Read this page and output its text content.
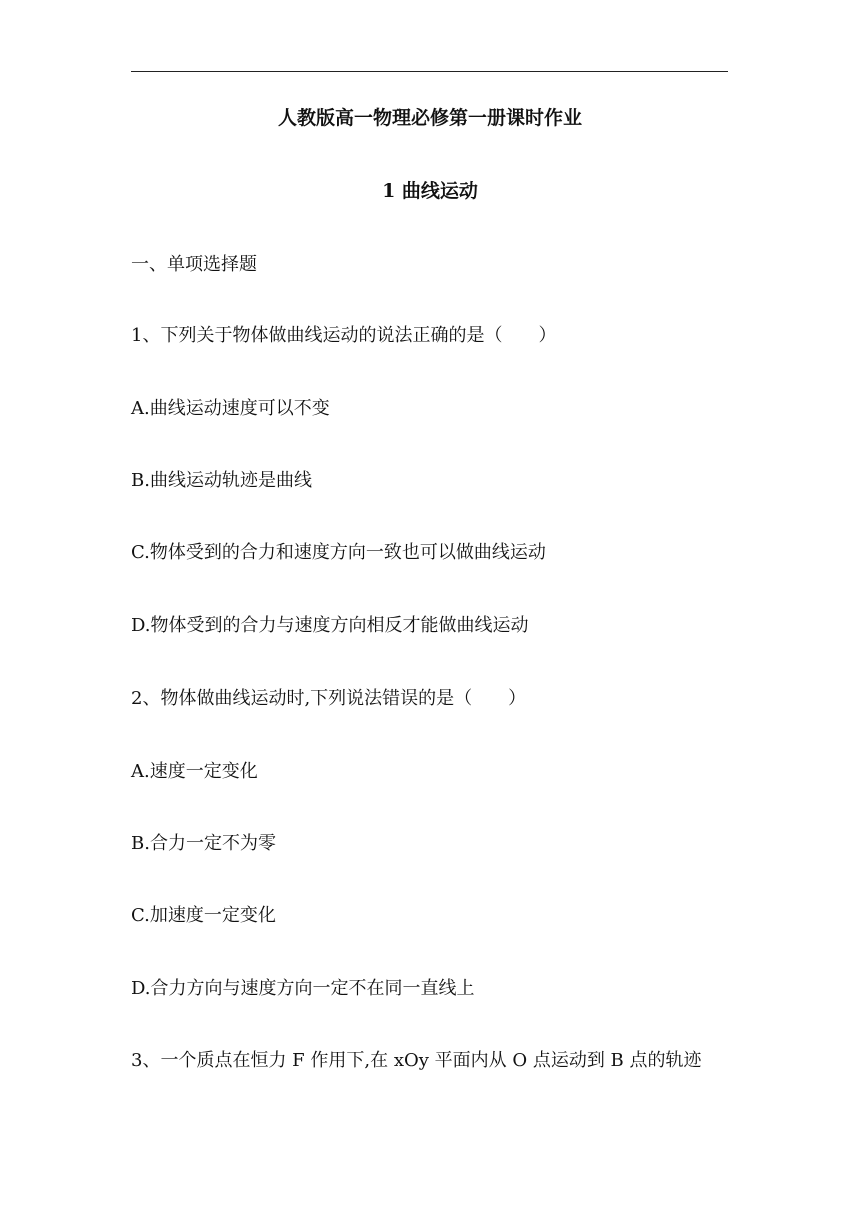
人教版高一物理必修第一册课时作业
1 曲线运动
一、单项选择题
1、下列关于物体做曲线运动的说法正确的是（　　）
A.曲线运动速度可以不变
B.曲线运动轨迹是曲线
C.物体受到的合力和速度方向一致也可以做曲线运动
D.物体受到的合力与速度方向相反才能做曲线运动
2、物体做曲线运动时,下列说法错误的是（　　）
A.速度一定变化
B.合力一定不为零
C.加速度一定变化
D.合力方向与速度方向一定不在同一直线上
3、一个质点在恒力 F 作用下,在 xOy 平面内从 O 点运动到 B 点的轨迹
